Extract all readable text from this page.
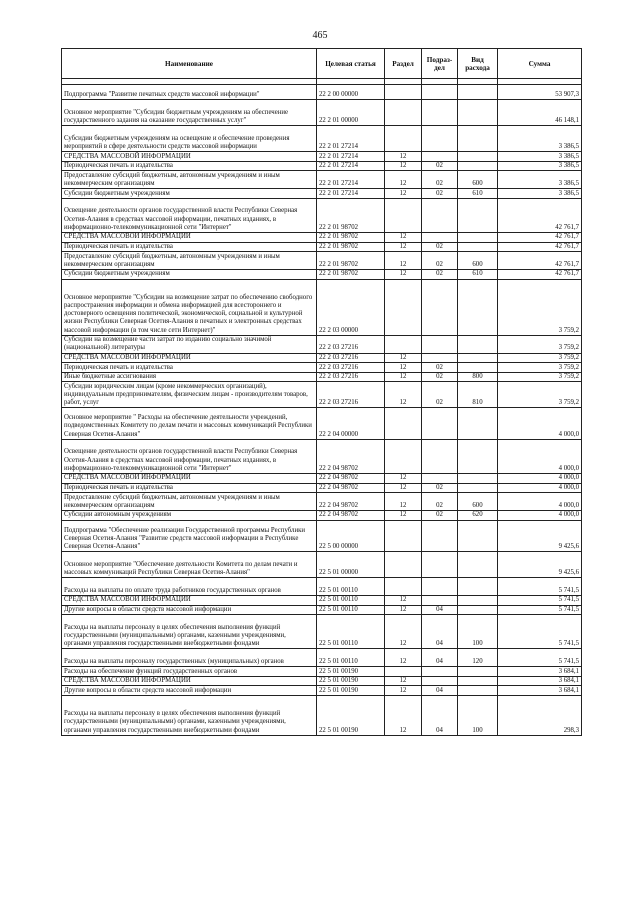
465
Наименование	Целевая статья	Раздел	Подраз-
дел	Вид
расхода	Сумма

Подпрограмма "Развитие печатных средств массовой информации"	22 2 00 00000				53 907,3
Основное мероприятие "Субсидии бюджетным учреждениям на обеспечение государственного задания на оказание государственных услуг"	22 2 01 00000				46 148,1
Субсидии бюджетным учреждениям на освещение и обеспечение проведения мероприятий в сфере деятельности средств массовой информации	22 2 01 27214				3 386,5
СРЕДСТВА МАССОВОЙ ИНФОРМАЦИИ	22 2 01 27214	12			3 386,5
Периодическая печать и издательства	22 2 01 27214	12	02		3 386,5
Предоставление субсидий бюджетным, автономным учреждениям и иным некоммерческим организациям	22 2 01 27214	12	02	600	3 386,5
Субсидии бюджетным учреждениям	22 2 01 27214	12	02	610	3 386,5
Освещение деятельности органов государственной власти Республики Северная Осетия-Алания в средствах массовой информации, печатных изданиях, в информационно-телекоммуникационной сети "Интернет"	22 2 01 98702				42 761,7
СРЕДСТВА МАССОВОЙ ИНФОРМАЦИИ	22 2 01 98702	12			42 761,7
Периодическая печать и издательства	22 2 01 98702	12	02		42 761,7
Предоставление субсидий бюджетным, автономным учреждениям и иным некоммерческим организациям	22 2 01 98702	12	02	600	42 761,7
Субсидии бюджетным учреждениям	22 2 01 98702	12	02	610	42 761,7
Основное мероприятие "Субсидии на возмещение затрат по обеспечению свободного распространения информации и обмена информацией для всестороннего и достоверного освещения политической, экономической, социальной и культурной жизни Республики Северная Осетия-Алания в печатных и электронных средствах массовой информации (в том числе сети Интернет)"	22 2 03 00000				3 759,2
Субсидии на возмещение части затрат по изданию социально значимой (национальной) литературы	22 2 03 27216				3 759,2
СРЕДСТВА МАССОВОЙ ИНФОРМАЦИИ	22 2 03 27216	12			3 759,2
Периодическая печать и издательства	22 2 03 27216	12	02		3 759,2
Иные бюджетные ассигнования	22 2 03 27216	12	02	800	3 759,2
Субсидии юридическим лицам (кроме некоммерческих организаций), индивидуальным предпринимателям, физическим лицам - производителям товаров, работ, услуг	22 2 03 27216	12	02	810	3 759,2
Основное мероприятие " Расходы на обеспечение деятельности учреждений, подведомственных Комитету по делам печати и массовых коммуникаций Республики Северная Осетия-Алания"	22 2 04 00000				4 000,0
Освещение деятельности органов государственной власти Республики Северная Осетия-Алания в средствах массовой информации, печатных изданиях, в информационно-телекоммуникационной сети "Интернет"	22 2 04 98702				4 000,0
СРЕДСТВА МАССОВОЙ ИНФОРМАЦИИ	22 2 04 98702	12			4 000,0
Периодическая печать и издательства	22 2 04 98702	12	02		4 000,0
Предоставление субсидий бюджетным, автономным учреждениям и иным некоммерческим организациям	22 2 04 98702	12	02	600	4 000,0
Субсидии автономным учреждениям	22 2 04 98702	12	02	620	4 000,0
Подпрограмма "Обеспечение реализации Государственной программы Республики Северная Осетия-Алания "Развитие средств массовой информации в Республике Северная Осетия-Алания"	22 5 00 00000				9 425,6
Основное мероприятие "Обеспечение деятельности Комитета по делам печати и массовых коммуникаций Республики Северная Осетия-Алания"	22 5 01 00000				9 425,6
Расходы на выплаты по оплате труда работников государственных органов	22 5 01 00110				5 741,5
СРЕДСТВА МАССОВОЙ ИНФОРМАЦИИ	22 5 01 00110	12			5 741,5
Другие вопросы в области средств массовой информации	22 5 01 00110	12	04		5 741,5
Расходы на выплаты персоналу в целях обеспечения выполнения функций государственными (муниципальными) органами, казенными учреждениями, органами управления государственными внебюджетными фондами	22 5 01 00110	12	04	100	5 741,5
Расходы на выплаты персоналу государственных (муниципальных) органов	22 5 01 00110	12	04	120	5 741,5
Расходы на обеспечение функций государственных органов	22 5 01 00190				3 684,1
СРЕДСТВА МАССОВОЙ ИНФОРМАЦИИ	22 5 01 00190	12			3 684,1
Другие вопросы в области средств массовой информации	22 5 01 00190	12	04		3 684,1
Расходы на выплаты персоналу в целях обеспечения выполнения функций государственными (муниципальными) органами, казенными учреждениями, органами управления государственными внебюджетными фондами	22 5 01 00190	12	04	100	298,3
